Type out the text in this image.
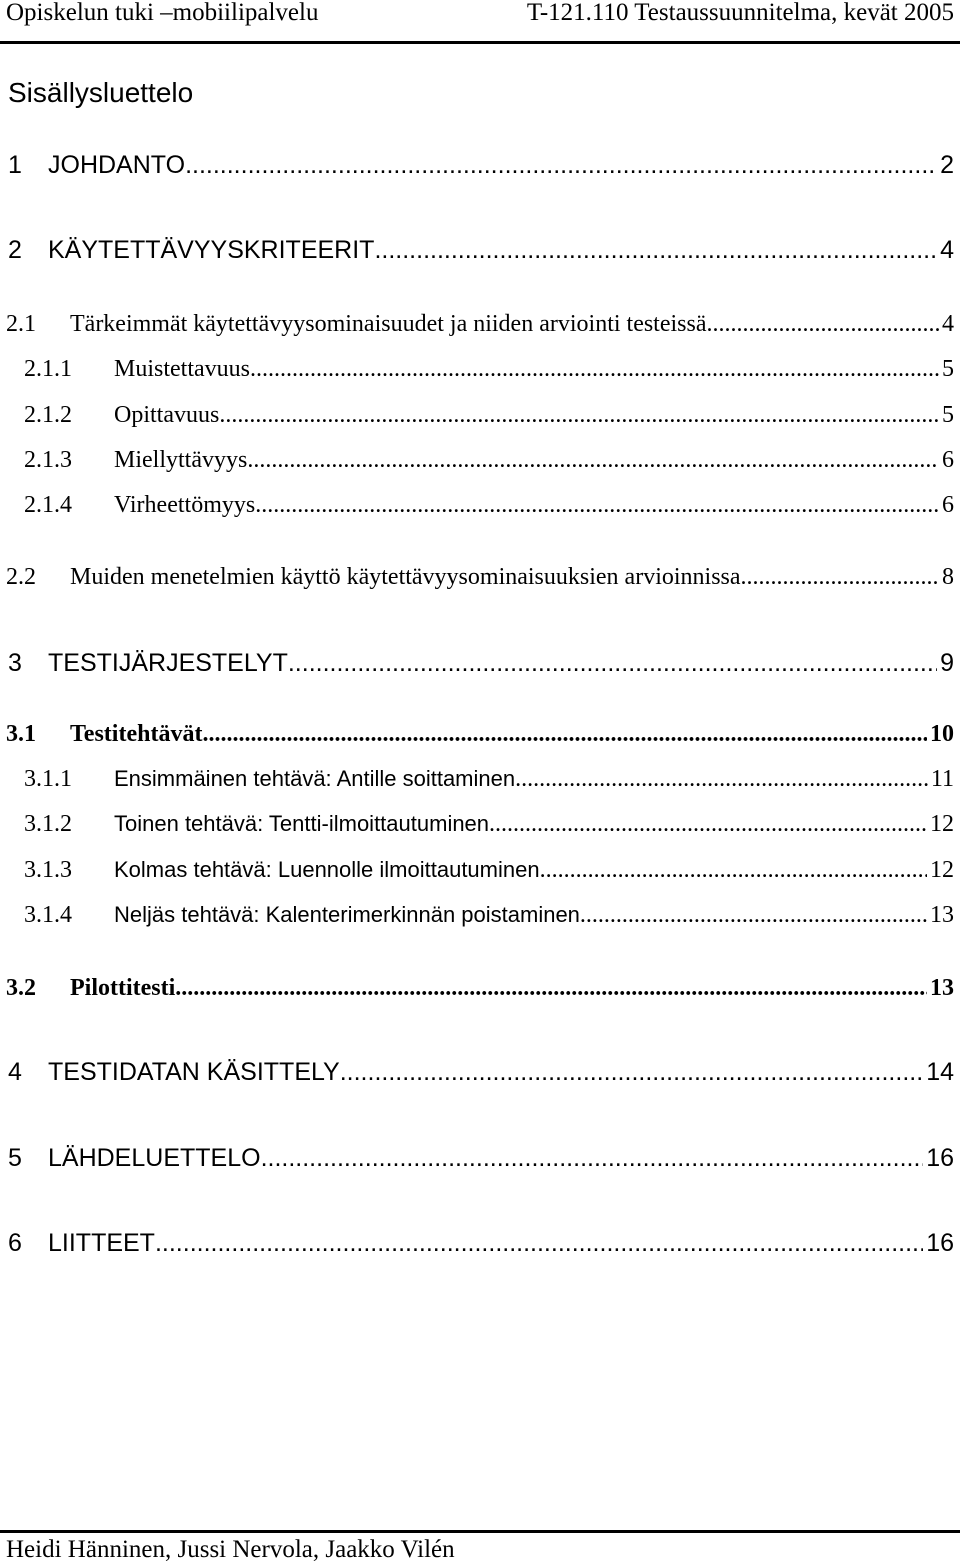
Opiskelun tuki –mobiilipalvelu	T-121.110 Testaussuunnitelma, kevät 2005
Sisällysluettelo
1	JOHDANTO .....	2
2	KÄYTETTÄVYYSKRITEERIT .....	4
2.1	Tärkeimmät käytettävyysominaisuudet ja niiden arviointi testeissä .....	4
2.1.1	Muistettavuus .....	5
2.1.2	Opittavuus .....	5
2.1.3	Miellyttävyys .....	6
2.1.4	Virheettömyys .....	6
2.2	Muiden menetelmien käyttö käytettävyysominaisuuksien arvioinnissa .....	8
3	TESTIJÄRJESTELYT .....	9
3.1	Testitehtävät .....	10
3.1.1	Ensimmäinen tehtävä: Antille soittaminen .....	11
3.1.2	Toinen tehtävä: Tentti-ilmoittautuminen .....	12
3.1.3	Kolmas tehtävä: Luennolle ilmoittautuminen .....	12
3.1.4	Neljäs tehtävä: Kalenterimerkinnän poistaminen .....	13
3.2	Pilottitesti .....	13
4	TESTIDATAN KÄSITTELY .....	14
5	LÄHDELUETTELO .....	16
6	LIITTEET .....	16
Heidi Hänninen, Jussi Nervola, Jaakko Vilén
